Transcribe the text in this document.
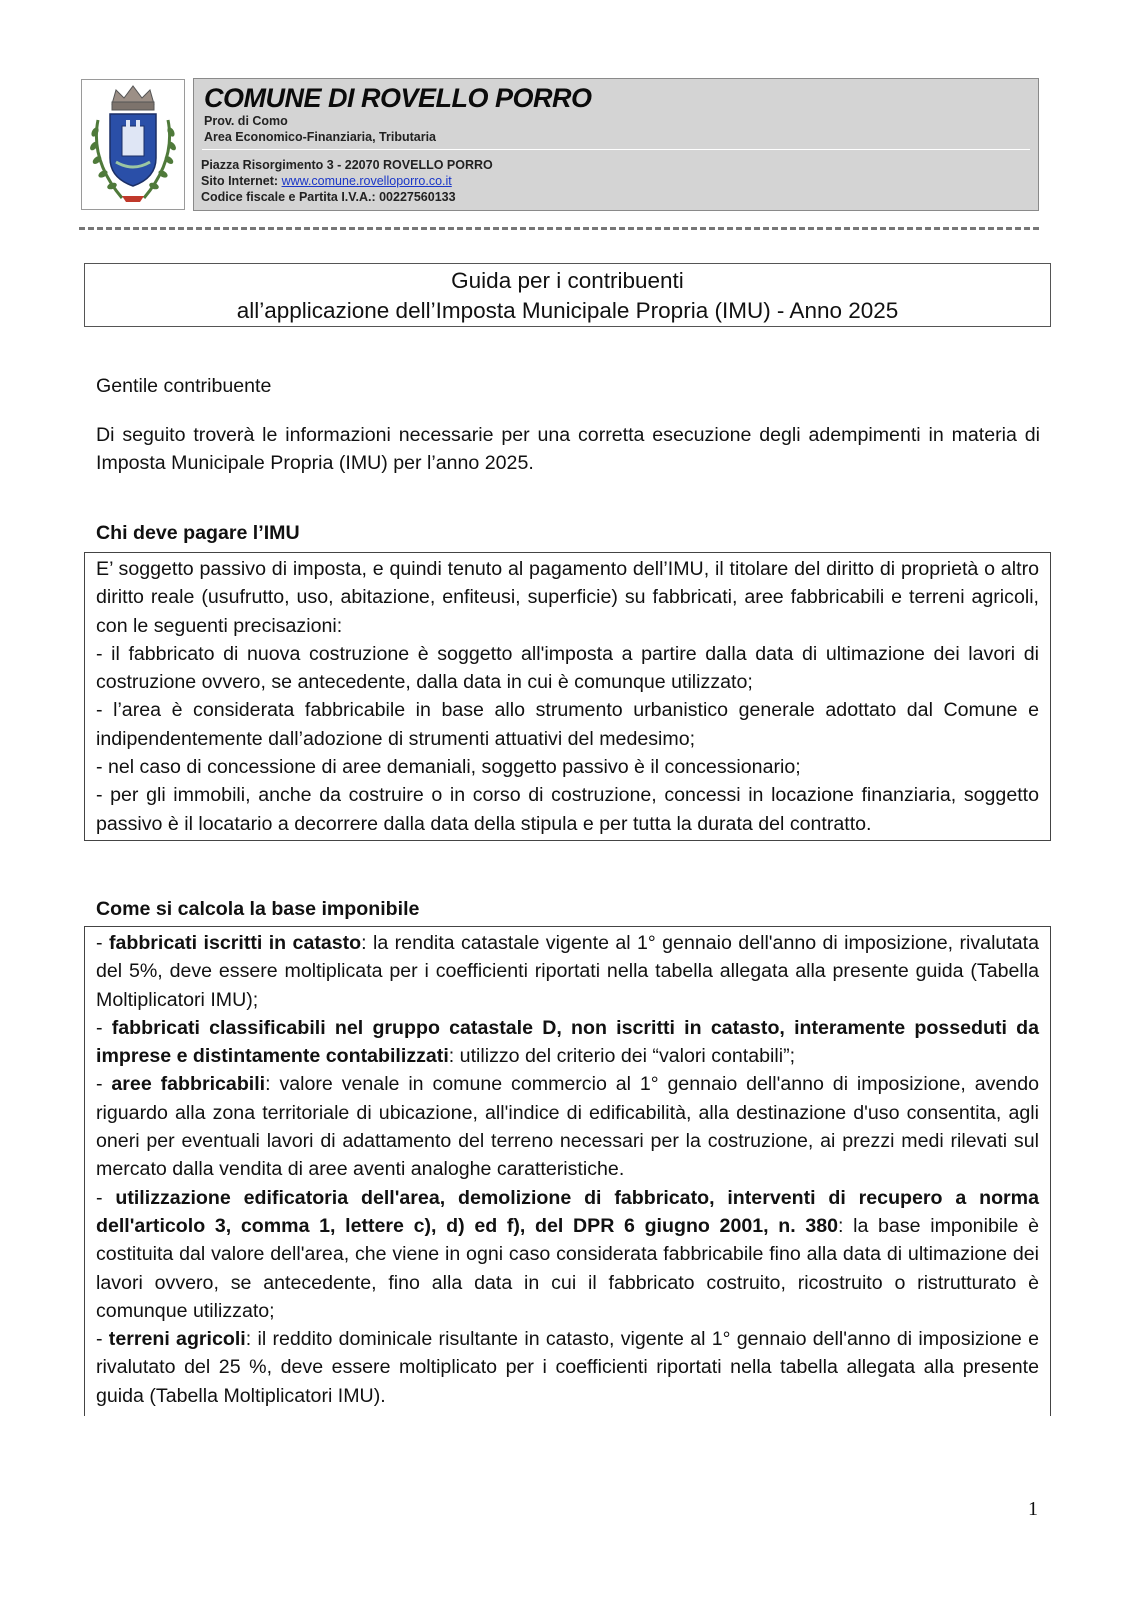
COMUNE DI ROVELLO PORRO
Prov. di Como
Area Economico-Finanziaria, Tributaria
Piazza Risorgimento 3 - 22070 ROVELLO PORRO
Sito Internet: www.comune.rovelloporro.co.it
Codice fiscale e Partita I.V.A.: 00227560133
Guida per i contribuenti
all’applicazione dell’Imposta Municipale Propria (IMU) - Anno 2025
Gentile contribuente
Di seguito troverà le informazioni necessarie per una corretta esecuzione degli adempimenti in materia di Imposta Municipale Propria (IMU) per l’anno 2025.
Chi deve pagare l’IMU

E’ soggetto passivo di imposta, e quindi tenuto al pagamento dell’IMU, il titolare del diritto di proprietà o altro diritto reale (usufrutto, uso, abitazione, enfiteusi, superficie) su fabbricati, aree fabbricabili e terreni agricoli, con le seguenti precisazioni:

- il fabbricato di nuova costruzione è soggetto all'imposta a partire dalla data di ultimazione dei lavori di costruzione ovvero, se antecedente, dalla data in cui è comunque utilizzato;

- l’area è considerata fabbricabile in base allo strumento urbanistico generale adottato dal Comune e indipendentemente dall’adozione di strumenti attuativi del medesimo;

- nel caso di concessione di aree demaniali, soggetto passivo è il concessionario;

- per gli immobili, anche da costruire o in corso di costruzione, concessi in locazione finanziaria, soggetto passivo è il locatario a decorrere dalla data della stipula e per tutta la durata del contratto.

Come si calcola la base imponibile

- fabbricati iscritti in catasto: la rendita catastale vigente al 1° gennaio dell'anno di imposizione, rivalutata del 5%, deve essere moltiplicata per i coefficienti riportati nella tabella allegata alla presente guida (Tabella Moltiplicatori IMU);

- fabbricati classificabili nel gruppo catastale D, non iscritti in catasto, interamente posseduti da imprese e distintamente contabilizzati: utilizzo del criterio dei “valori contabili”;

- aree fabbricabili: valore venale in comune commercio al 1° gennaio dell'anno di imposizione, avendo riguardo alla zona territoriale di ubicazione, all'indice di edificabilità, alla destinazione d'uso consentita, agli oneri per eventuali lavori di adattamento del terreno necessari per la costruzione, ai prezzi medi rilevati sul mercato dalla vendita di aree aventi analoghe caratteristiche.

- utilizzazione edificatoria dell'area, demolizione di fabbricato, interventi di recupero a norma dell'articolo 3, comma 1, lettere c), d) ed f), del DPR 6 giugno 2001, n. 380: la base imponibile è costituita dal valore dell'area, che viene in ogni caso considerata fabbricabile fino alla data di ultimazione dei lavori ovvero, se antecedente, fino alla data in cui il fabbricato costruito, ricostruito o ristrutturato è comunque utilizzato;

- terreni agricoli: il reddito dominicale risultante in catasto, vigente al 1° gennaio dell'anno di imposizione e rivalutato del 25 %, deve essere moltiplicato per i coefficienti riportati nella tabella allegata alla presente guida (Tabella Moltiplicatori IMU).

1
